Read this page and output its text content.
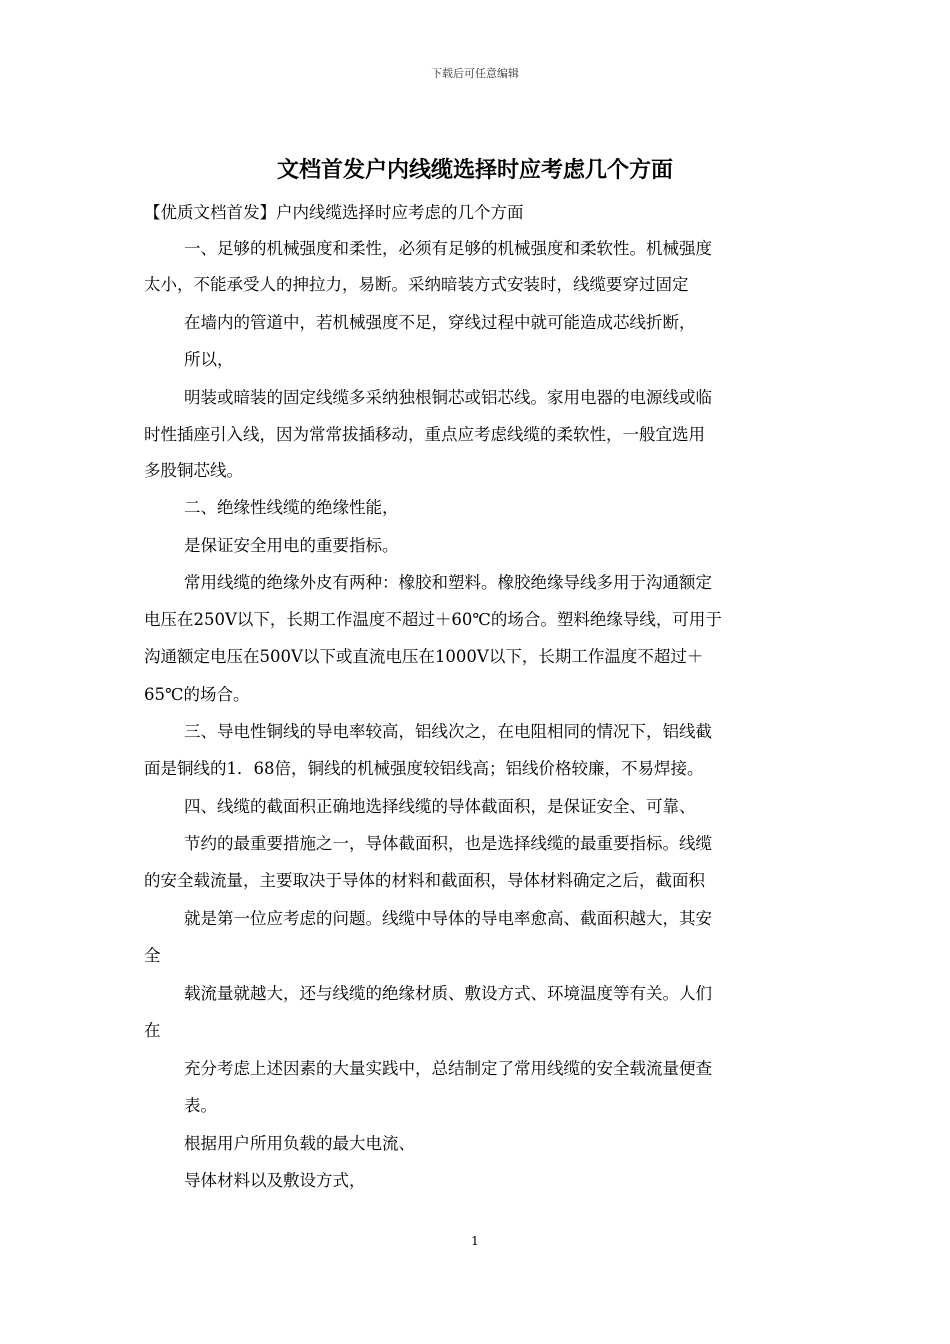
下载后可任意编辑
文档首发户内线缆选择时应考虑几个方面
【优质文档首发】户内线缆选择时应考虑的几个方面
一、足够的机械强度和柔性，必须有足够的机械强度和柔软性。机械强度
太小，不能承受人的抻拉力，易断。采纳暗装方式安装时，线缆要穿过固定
在墙内的管道中，若机械强度不足，穿线过程中就可能造成芯线折断，
所以，
明装或暗装的固定线缆多采纳独根铜芯或铝芯线。家用电器的电源线或临
时性插座引入线，因为常常拔插移动，重点应考虑线缆的柔软性，一般宜选用
多股铜芯线。
二、绝缘性线缆的绝缘性能，
是保证安全用电的重要指标。
常用线缆的绝缘外皮有两种：橡胶和塑料。橡胶绝缘导线多用于沟通额定
电压在250V以下，长期工作温度不超过＋60℃的场合。塑料绝缘导线，可用于
沟通额定电压在500V以下或直流电压在1000V以下，长期工作温度不超过＋
65℃的场合。
三、导电性铜线的导电率较高，铝线次之，在电阻相同的情况下，铝线截
面是铜线的1．68倍，铜线的机械强度较铝线高；铝线价格较廉，不易焊接。
四、线缆的截面积正确地选择线缆的导体截面积，是保证安全、可靠、
节约的最重要措施之一，导体截面积，也是选择线缆的最重要指标。线缆
的安全载流量，主要取决于导体的材料和截面积，导体材料确定之后，截面积
就是第一位应考虑的问题。线缆中导体的导电率愈高、截面积越大，其安
全
载流量就越大，还与线缆的绝缘材质、敷设方式、环境温度等有关。人们
在
充分考虑上述因素的大量实践中，总结制定了常用线缆的安全载流量便查
表。
根据用户所用负载的最大电流、
导体材料以及敷设方式，
1
